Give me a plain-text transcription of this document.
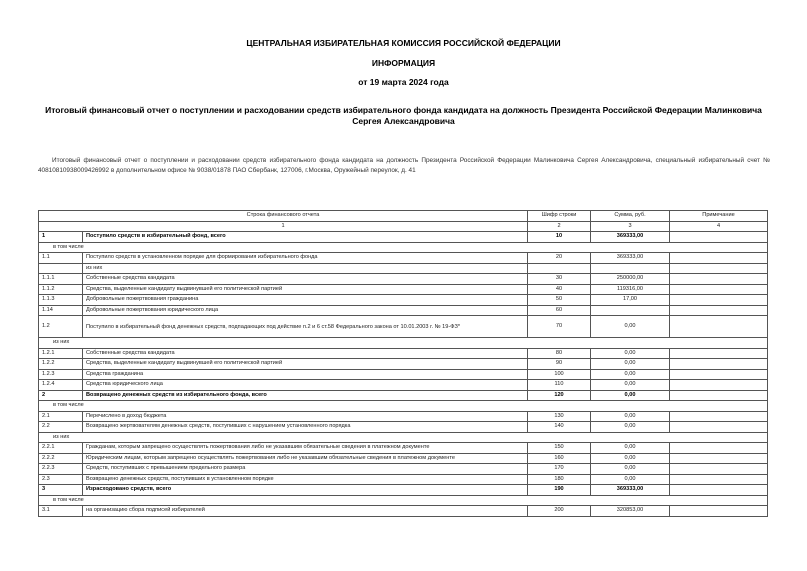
ЦЕНТРАЛЬНАЯ ИЗБИРАТЕЛЬНАЯ КОМИССИЯ РОССИЙСКОЙ ФЕДЕРАЦИИ
ИНФОРМАЦИЯ
от 19 марта 2024 года
Итоговый финансовый отчет о поступлении и расходовании средств избирательного фонда кандидата на должность Президента Российской Федерации Малинковича Сергея Александровича
Итоговый финансовый отчет о поступлении и расходовании средств избирательного фонда кандидата на должность Президента Российской Федерации Малинковича Сергея Александровича, специальный избирательный счет № 40810810938009426992 в дополнительном офисе № 9038/01878 ПАО Сбербанк, 127006, г.Москва, Оружейный переулок, д. 41
Строка финансового отчета		Шифр строки	Сумма, руб.	Примечание
1		2	3	4
1	Поступило средств в избирательный фонд, всего	10	369333,00	
в том числе				
1.1	Поступило средств в установленном порядке для формирования избирательного фонда	20	369333,00	
	из них			
1.1.1	Собственные средства кандидата	30	250000,00	
1.1.2	Средства, выделенные кандидату выдвинувшей его политической партией	40	119316,00	
1.1.3	Добровольные пожертвования гражданина	50	17,00	
1.14	Добровольные пожертвования юридического лица	60		
1.2	Поступило в избирательный фонд денежных средств, подпадающих под действие п.2 и 6 ст.58 Федерального закона от 10.01.2003 г. № 19-ФЗ*	70	0,00	
из них				
1.2.1	Собственные средства кандидата	80	0,00	
1.2.2	Средства, выделенные кандидату выдвинувшей его политической партией	90	0,00	
1.2.3	Средства гражданина	100	0,00	
1.2.4	Средства юридического лица	110	0,00	
2	Возвращено денежных средств из избирательного фонда, всего	120	0,00	
в том числе				
2.1	Перечислено в доход бюджета	130	0,00	
2.2	Возвращено жертвователям денежных средств, поступивших с нарушением установленного порядка	140	0,00	
из них				
2.2.1	Гражданам, которым запрещено осуществлять пожертвования либо не указавшим обязательные сведения в платежном документе	150	0,00	
2.2.2	Юридическим лицам, которым запрещено осуществлять пожертвования либо не указавшим обязательные сведения в платежном документе	160	0,00	
2.2.3	Средств, поступивших с превышением предельного размера	170	0,00	
2.3	Возвращено денежных средств, поступивших в установленном порядке	180	0,00	
3	Израсходовано средств, всего	190	369333,00	
в том числе				
3.1	на организацию сбора подписей избирателей	200	320853,00	
